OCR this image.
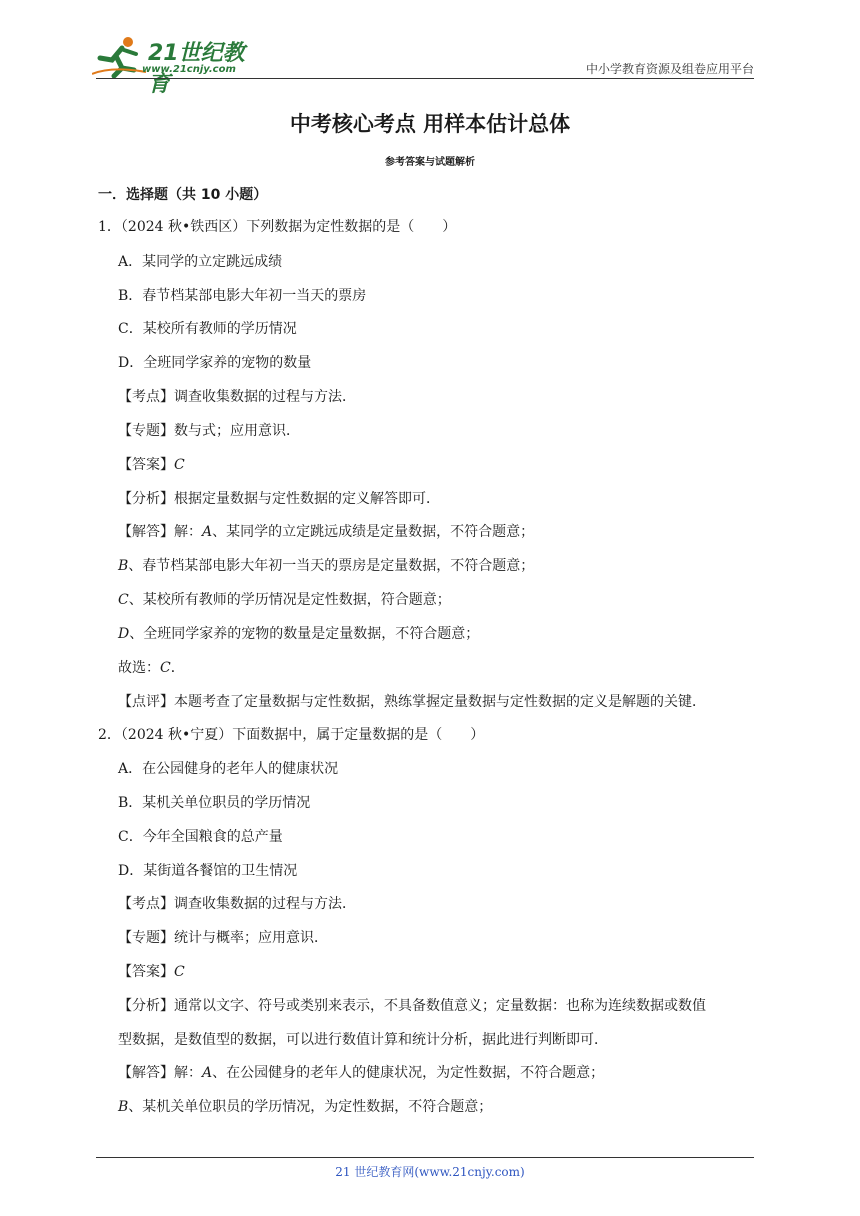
21世纪教育
www.21cnjy.com	中小学教育资源及组卷应用平台
中考核心考点 用样本估计总体
参考答案与试题解析
一．选择题（共 10 小题）
1．（2024 秋•铁西区）下列数据为定性数据的是（　　）
A．某同学的立定跳远成绩
B．春节档某部电影大年初一当天的票房
C．某校所有教师的学历情况
D．全班同学家养的宠物的数量
【考点】调查收集数据的过程与方法．
【专题】数与式；应用意识．
【答案】C
【分析】根据定量数据与定性数据的定义解答即可．
【解答】解：A、某同学的立定跳远成绩是定量数据，不符合题意；
B、春节档某部电影大年初一当天的票房是定量数据，不符合题意；
C、某校所有教师的学历情况是定性数据，符合题意；
D、全班同学家养的宠物的数量是定量数据，不符合题意；
故选：C．
【点评】本题考查了定量数据与定性数据，熟练掌握定量数据与定性数据的定义是解题的关键．
2．（2024 秋•宁夏）下面数据中，属于定量数据的是（　　）
A．在公园健身的老年人的健康状况
B．某机关单位职员的学历情况
C．今年全国粮食的总产量
D．某街道各餐馆的卫生情况
【考点】调查收集数据的过程与方法．
【专题】统计与概率；应用意识．
【答案】C
【分析】通常以文字、符号或类别来表示，不具备数值意义；定量数据：也称为连续数据或数值
型数据，是数值型的数据，可以进行数值计算和统计分析，据此进行判断即可．
【解答】解：A、在公园健身的老年人的健康状况，为定性数据，不符合题意；
B、某机关单位职员的学历情况，为定性数据，不符合题意；
21 世纪教育网(www.21cnjy.com)
